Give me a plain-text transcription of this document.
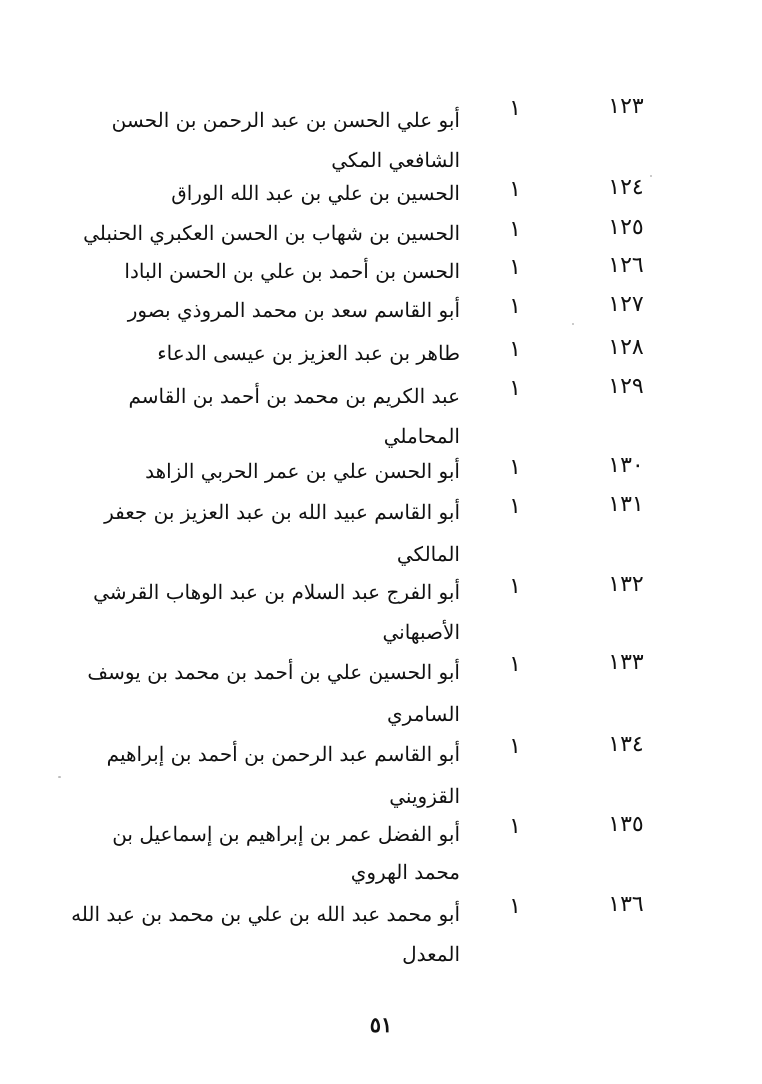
١٢٣
١
أبو علي الحسن بن عبد الرحمن بن الحسن
الشافعي المكي
١٢٤
١
الحسين بن علي بن عبد الله الوراق
١٢٥
١
الحسين بن شهاب بن الحسن العكبري الحنبلي
١٢٦
١
الحسن بن أحمد بن علي بن الحسن البادا
١٢٧
١
أبو القاسم سعد بن محمد المروذي بصور
١٢٨
١
طاهر بن عبد العزيز بن عيسى الدعاء
١٢٩
١
عبد الكريم بن محمد بن أحمد بن القاسم
المحاملي
١٣٠
١
أبو الحسن علي بن عمر الحربي الزاهد
١٣١
١
أبو القاسم عبيد الله بن عبد العزيز بن جعفر
المالكي
١٣٢
١
أبو الفرج عبد السلام بن عبد الوهاب القرشي
الأصبهاني
١٣٣
١
أبو الحسين علي بن أحمد بن محمد بن يوسف
السامري
١٣٤
١
أبو القاسم عبد الرحمن بن أحمد بن إبراهيم
القزويني
١٣٥
١
أبو الفضل عمر بن إبراهيم بن إسماعيل بن
محمد الهروي
١٣٦
١
أبو محمد عبد الله بن علي بن محمد بن عبد الله
المعدل
٥١
